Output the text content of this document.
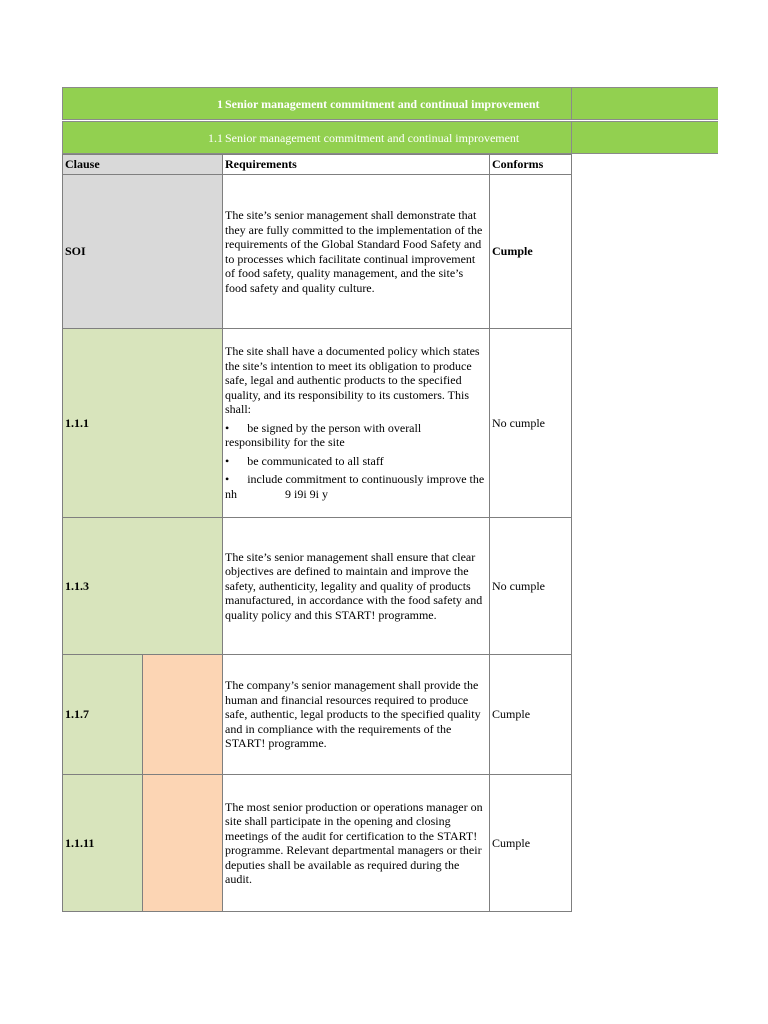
1 Senior management commitment and continual improvement
1.1 Senior management commitment and continual improvement
Clause		Requirements	Conforms
SOI		The site’s senior management shall demonstrate that they are fully committed to the implementation of the requirements of the Global Standard Food Safety and to processes which facilitate continual improvement of food safety, quality management, and the site’s food safety and quality culture.	Cumple
1.1.1		The site shall have a documented policy which states the site’s intention to meet its obligation to produce safe, legal and authentic products to the specified quality, and its responsibility to its customers. This shall:

•      be signed by the person with overall responsibility for the site

•      be communicated to all staff

•      include commitment to continuously improve the nh                9 i9i 9i y	No cumple
1.1.3		The site’s senior management shall ensure that clear objectives are defined to maintain and improve the safety, authenticity, legality and quality of products manufactured, in accordance with the food safety and quality policy and this START! programme.	No cumple
1.1.7		The company’s senior management shall provide the human and financial resources required to produce safe, authentic, legal products to the specified quality and in compliance with the requirements of the START! programme.	Cumple
1.1.11		The most senior production or operations manager on site shall participate in the opening and closing meetings of the audit for certification to the START! programme. Relevant departmental managers or their deputies shall be available as required during the audit.	Cumple
